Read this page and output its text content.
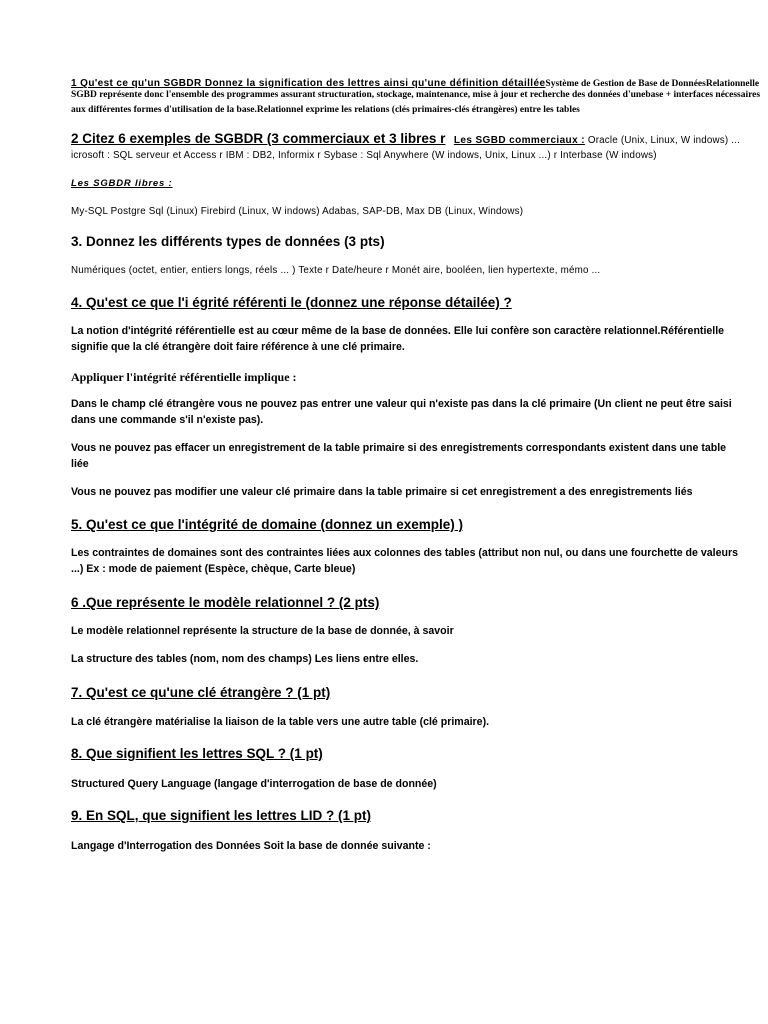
1 Qu'est ce qu'un SGBDR Donnez la signification des lettres ainsi qu'une définition détailléeSystème de Gestion de Base de DonnéesRelationnelle
SGBD représente donc l'ensemble des programmes assurant structuration, stockage, maintenance, mise à jour et recherche des données d'unebase + interfaces nécessaires
aux différentes formes d'utilisation de la base.Relationnel exprime les relations (clés primaires-clés étrangères) entre les tables
2 Citez 6 exemples de SGBDR (3 commerciaux et 3 libres r Les SGBD commerciaux : Oracle (Unix, Linux, W indows) ...
icrosoft : SQL serveur et Access r IBM : DB2, Informix r Sybase : Sql Anywhere (W indows, Unix, Linux ...) r Interbase (W indows)
Les SGBDR libres :
My-SQL Postgre Sql (Linux) Firebird (Linux, W indows) Adabas, SAP-DB, Max DB (Linux, Windows)
3. Donnez les différents types de données (3 pts)
Numériques (octet, entier, entiers longs, réels ... ) Texte r Date/heure r Monét aire, booléen, lien hypertexte, mémo ...
4. Qu'est ce que l'i égrité référenti le (donnez une réponse détailée) ?
La notion d'intégrité référentielle est au cœur même de la base de données. Elle lui confère son caractère relationnel.Référentielle
signifie que la clé étrangère doit faire référence à une clé primaire.
Appliquer l'intégrité référentielle implique :
Dans le champ clé étrangère vous ne pouvez pas entrer une valeur qui n'existe pas dans la clé primaire (Un client ne peut être saisi
dans une commande s'il n'existe pas).
Vous ne pouvez pas effacer un enregistrement de la table primaire si des enregistrements correspondants existent dans une table
liée
Vous ne pouvez pas modifier une valeur clé primaire dans la table primaire si cet enregistrement a des enregistrements liés
5. Qu'est ce que l'intégrité de domaine (donnez un exemple) )
Les contraintes de domaines sont des contraintes liées aux colonnes des tables (attribut non nul, ou dans une fourchette de valeurs
...) Ex : mode de paiement (Espèce, chèque, Carte bleue)
6 .Que représente le modèle relationnel ? (2 pts)
Le modèle relationnel représente la structure de la base de donnée, à savoir
La structure des tables (nom, nom des champs) Les liens entre elles.
7. Qu'est ce qu'une clé étrangère ? (1 pt)
La clé étrangère matérialise la liaison de la table vers une autre table (clé primaire).
8. Que signifient les lettres SQL ? (1 pt)
Structured Query Language (langage d'interrogation de base de donnée)
9. En SQL, que signifient les lettres LID ? (1 pt)
Langage d'Interrogation des Données Soit la base de donnée suivante :
